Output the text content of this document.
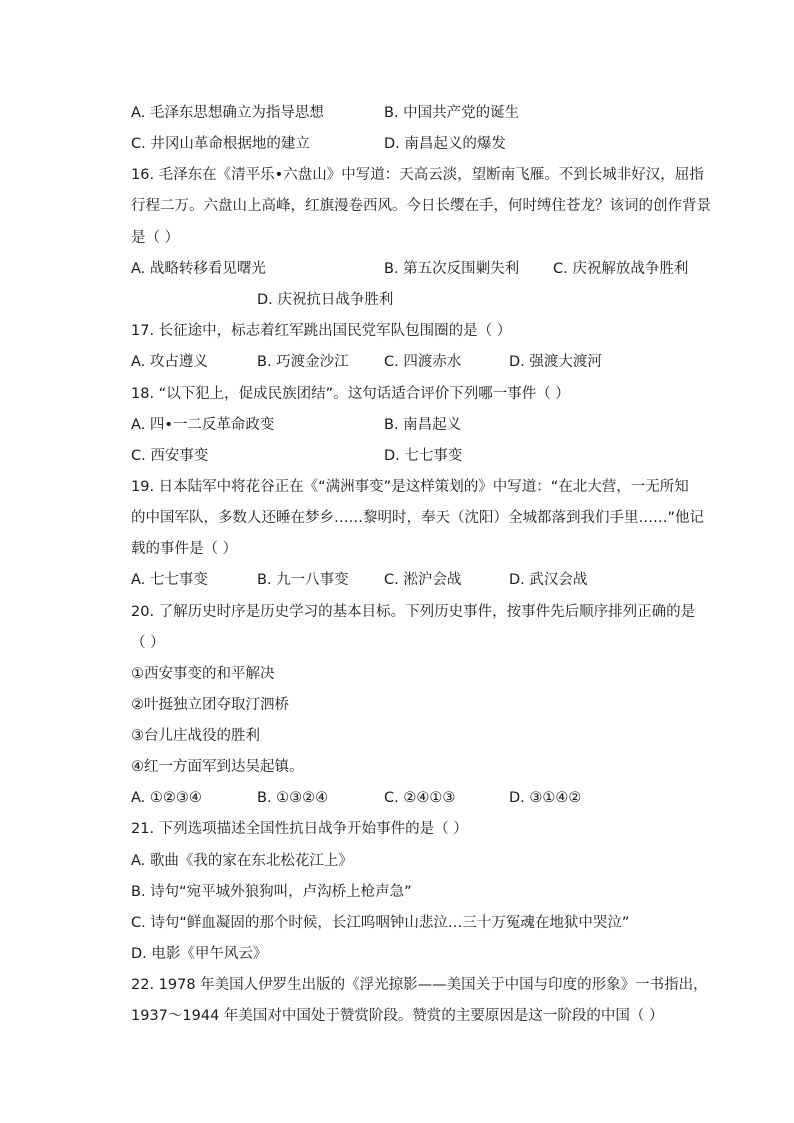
A. 毛泽东思想确立为指导思想	B. 中国共产党的诞生
C. 井冈山革命根据地的建立	D. 南昌起义的爆发
16. 毛泽东在《清平乐•六盘山》中写道：天高云淡，望断南飞雁。不到长城非好汉，屈指
行程二万。六盘山上高峰，红旗漫卷西风。今日长缨在手，何时缚住苍龙？该词的创作背景
是（ ）
A. 战略转移看见曙光	B. 第五次反围剿失利 C. 庆祝解放战争胜利
D. 庆祝抗日战争胜利
17. 长征途中，标志着红军跳出国民党军队包围圈的是（ ）
A. 攻占遵义	B. 巧渡金沙江 C. 四渡赤水	D. 强渡大渡河
18. “以下犯上，促成民族团结”。这句话适合评价下列哪一事件（ ）
A. 四•一二反革命政变	B. 南昌起义
C. 西安事变	D. 七七事变
19. 日本陆军中将花谷正在《“满洲事变”是这样策划的》中写道：“在北大营，一无所知
的中国军队，多数人还睡在梦乡……黎明时，奉天（沈阳）全城都落到我们手里……”他记
载的事件是（ ）
A. 七七事变	B. 九一八事变 C. 淞沪会战	D. 武汉会战
20. 了解历史时序是历史学习的基本目标。下列历史事件，按事件先后顺序排列正确的是
（ ）
①西安事变的和平解决
②叶挺独立团夺取汀泗桥
③台儿庄战役的胜利
④红一方面军到达吴起镇。
A. ①②③④	B. ①③②④	C. ②④①③	D. ③①④②
21. 下列选项描述全国性抗日战争开始事件的是（ ）
A. 歌曲《我的家在东北松花江上》
B. 诗句“宛平城外狼狗叫，卢沟桥上枪声急”
C. 诗句“鲜血凝固的那个时候，长江呜咽钟山悲泣…三十万冤魂在地狱中哭泣”
D. 电影《甲午风云》
22. 1978 年美国人伊罗生出版的《浮光掠影——美国关于中国与印度的形象》一书指出，
1937～1944 年美国对中国处于赞赏阶段。赞赏的主要原因是这一阶段的中国（ ）
